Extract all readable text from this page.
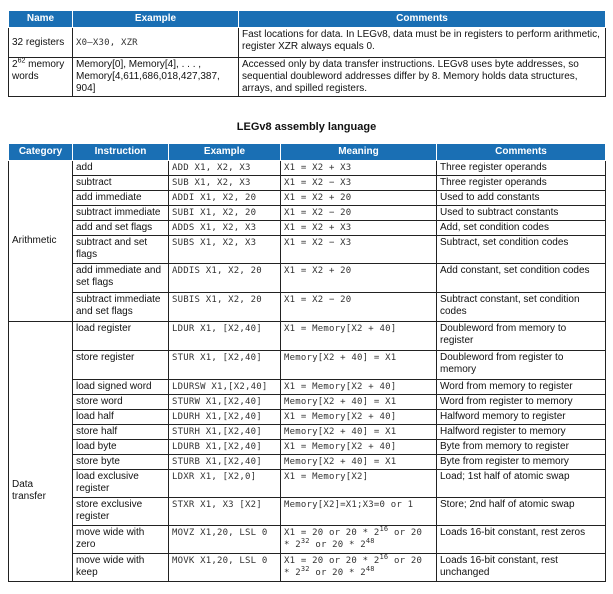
Name	Example	Comments
32 registers	X0–X30, XZR	Fast locations for data. In LEGv8, data must be in registers to perform arithmetic, register XZR always equals 0.
$2^{62}$ memory words	Memory[0], Memory[4], . . . , Memory[4,611,686,018,427,387, 904]	Accessed only by data transfer instructions. LEGv8 uses byte addresses, so sequential doubleword addresses differ by 8. Memory holds data structures, arrays, and spilled registers.
LEGv8 assembly language
Category	Instruction	Example	Meaning	Comments
Arithmetic	add	ADD X1, X2, X3	X1 = X2 + X3	Three register operands
	subtract	SUB X1, X2, X3	X1 = X2 − X3	Three register operands
	add immediate	ADDI X1, X2, 20	X1 = X2 + 20	Used to add constants
	subtract immediate	SUBI X1, X2, 20	X1 = X2 − 20	Used to subtract constants
	add and set flags	ADDS X1, X2, X3	X1 = X2 + X3	Add, set condition codes
	subtract and set flags	SUBS X1, X2, X3	X1 = X2 − X3	Subtract, set condition codes
	add immediate and set flags	ADDIS X1, X2, 20	X1 = X2 + 20	Add constant, set condition codes
	subtract immediate and set flags	SUBIS X1, X2, 20	X1 = X2 − 20	Subtract constant, set condition codes
Data transfer	load register	LDUR X1, [X2,40]	X1 = Memory[X2 + 40]	Doubleword from memory to register
	store register	STUR X1, [X2,40]	Memory[X2 + 40] = X1	Doubleword from register to memory
	load signed word	LDURSW X1,[X2,40]	X1 = Memory[X2 + 40]	Word from memory to register
	store word	STURW X1,[X2,40]	Memory[X2 + 40] = X1	Word from register to memory
	load half	LDURH X1,[X2,40]	X1 = Memory[X2 + 40]	Halfword memory to register
	store half	STURH X1,[X2,40]	Memory[X2 + 40] = X1	Halfword register to memory
	load byte	LDURB X1,[X2,40]	X1 = Memory[X2 + 40]	Byte from memory to register
	store byte	STURB X1,[X2,40]	Memory[X2 + 40] = X1	Byte from register to memory
	load exclusive register	LDXR X1, [X2,0]	X1 = Memory[X2]	Load; 1st half of atomic swap
	store exclusive register	STXR X1, X3 [X2]	Memory[X2]=X1;X3=0 or 1	Store; 2nd half of atomic swap
	move wide with zero	MOVZ X1,20, LSL 0	X1 = 20 or $20 * 2^{16}$ or $20 * 2^{32}$ or $20 * 2^{48}$	Loads 16-bit constant, rest zeros
	move wide with keep	MOVK X1,20, LSL 0	X1 = 20 or $20 * 2^{16}$ or $20 * 2^{32}$ or $20 * 2^{48}$	Loads 16-bit constant, rest unchanged
